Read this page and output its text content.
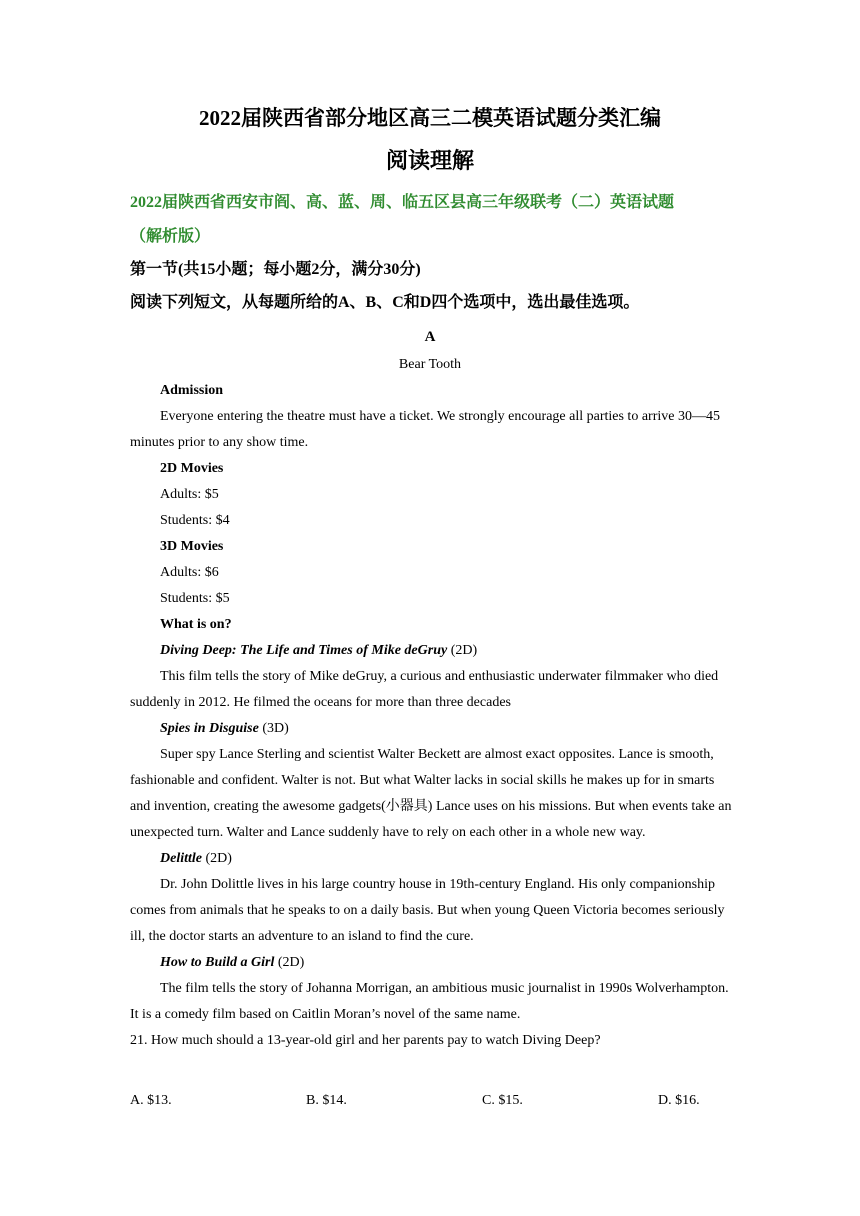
2022届陕西省部分地区高三二模英语试题分类汇编
阅读理解
2022届陕西省西安市阎、高、蓝、周、临五区县高三年级联考（二）英语试题
（解析版）
第一节(共15小题；每小题2分，满分30分)
阅读下列短文，从每题所给的A、B、C和D四个选项中，选出最佳选项。
A
Bear Tooth

Admission

Everyone entering the theatre must have a ticket. We strongly encourage all parties to arrive 30—45 minutes prior to any show time.

2D Movies

Adults: $5

Students: $4

3D Movies

Adults: $6

Students: $5

What is on?

Diving Deep: The Life and Times of Mike deGruy (2D)

This film tells the story of Mike deGruy, a curious and enthusiastic underwater filmmaker who died suddenly in 2012. He filmed the oceans for more than three decades

Spies in Disguise (3D)

Super spy Lance Sterling and scientist Walter Beckett are almost exact opposites. Lance is smooth, fashionable and confident. Walter is not. But what Walter lacks in social skills he makes up for in smarts and invention, creating the awesome gadgets(小器具) Lance uses on his missions. But when events take an unexpected turn. Walter and Lance suddenly have to rely on each other in a whole new way.

Delittle (2D)

Dr. John Dolittle lives in his large country house in 19th-century England. His only companionship comes from animals that he speaks to on a daily basis. But when young Queen Victoria becomes seriously ill, the doctor starts an adventure to an island to find the cure.

How to Build a Girl (2D)

The film tells the story of Johanna Morrigan, an ambitious music journalist in 1990s Wolverhampton. It is a comedy film based on Caitlin Moran’s novel of the same name.

21. How much should a 13-year-old girl and her parents pay to watch Diving Deep?

A. $13.	B. $14.	C. $15.	D. $16.
